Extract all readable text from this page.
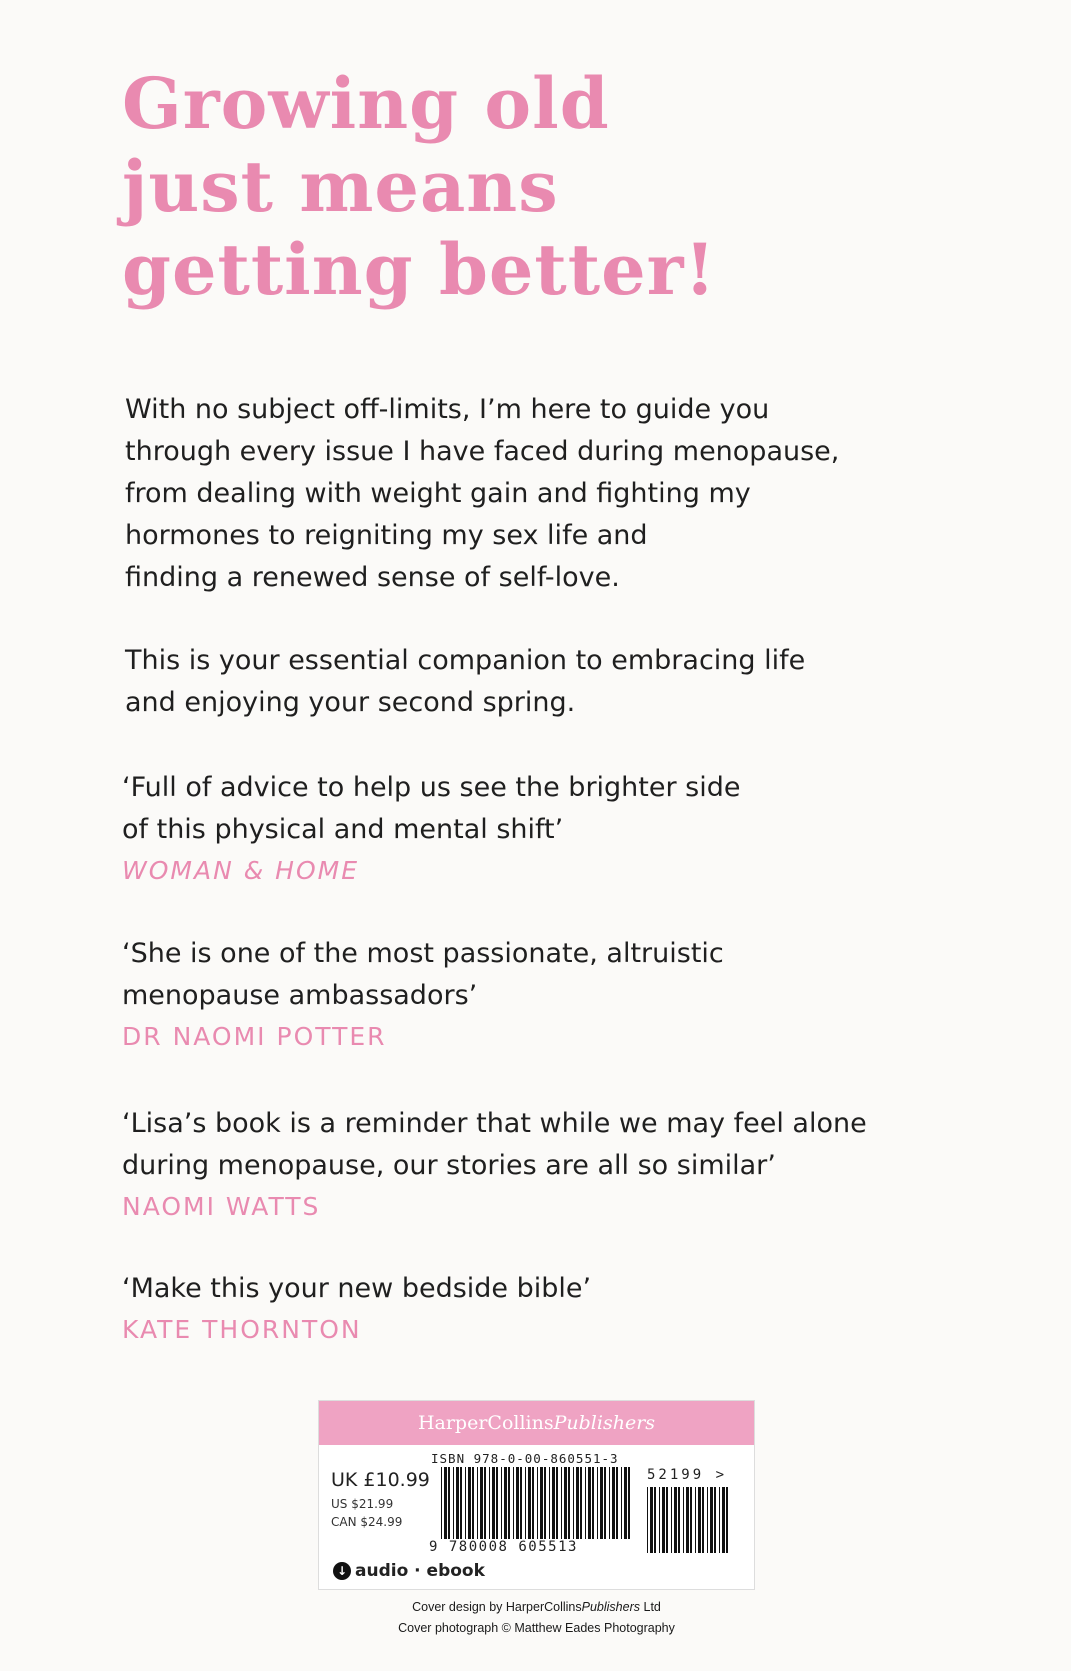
Growing old
just means
getting better!

With no subject off-limits, I’m here to guide you
through every issue I have faced during menopause,
from dealing with weight gain and fighting my
hormones to reigniting my sex life and
finding a renewed sense of self-love.

This is your essential companion to embracing life
and enjoying your second spring.

‘Full of advice to help us see the brighter side
of this physical and mental shift’
WOMAN & HOME
‘She is one of the most passionate, altruistic
menopause ambassadors’
DR NAOMI POTTER
‘Lisa’s book is a reminder that while we may feel alone
during menopause, our stories are all so similar’
NAOMI WATTS
‘Make this your new bedside bible’
KATE THORNTON
HarperCollinsPublishers
ISBN 978-0-00-860551-3
UK £10.99
US $21.99
CAN $24.99
9 780008 605513
52199 >
↓ audio · ebook
Cover design by HarperCollinsPublishers Ltd
Cover photograph © Matthew Eades Photography
